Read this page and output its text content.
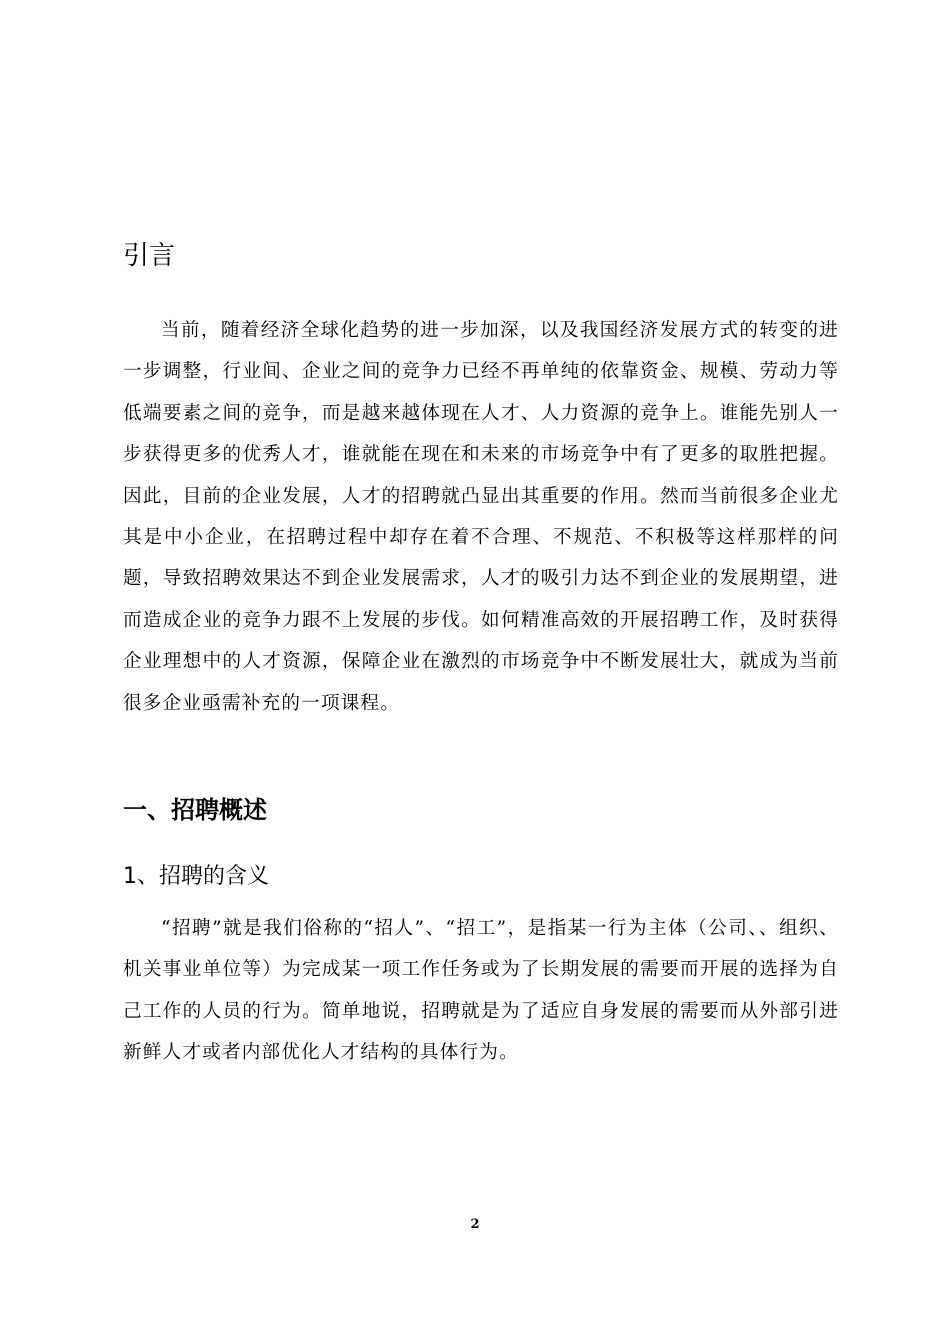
引言

当前，随着经济全球化趋势的进一步加深，以及我国经济发展方式的转变的进一步调整，行业间、企业之间的竞争力已经不再单纯的依靠资金、规模、劳动力等低端要素之间的竞争，而是越来越体现在人才、人力资源的竞争上。谁能先别人一步获得更多的优秀人才，谁就能在现在和未来的市场竞争中有了更多的取胜把握。因此，目前的企业发展，人才的招聘就凸显出其重要的作用。然而当前很多企业尤其是中小企业，在招聘过程中却存在着不合理、不规范、不积极等这样那样的问题，导致招聘效果达不到企业发展需求，人才的吸引力达不到企业的发展期望，进而造成企业的竞争力跟不上发展的步伐。如何精准高效的开展招聘工作，及时获得企业理想中的人才资源，保障企业在激烈的市场竞争中不断发展壮大，就成为当前很多企业亟需补充的一项课程。

一、招聘概述
1、招聘的含义

“招聘”就是我们俗称的“招人”、“招工”，是指某一行为主体（公司、、组织、机关事业单位等）为完成某一项工作任务或为了长期发展的需要而开展的选择为自己工作的人员的行为。简单地说，招聘就是为了适应自身发展的需要而从外部引进新鲜人才或者内部优化人才结构的具体行为。

2
